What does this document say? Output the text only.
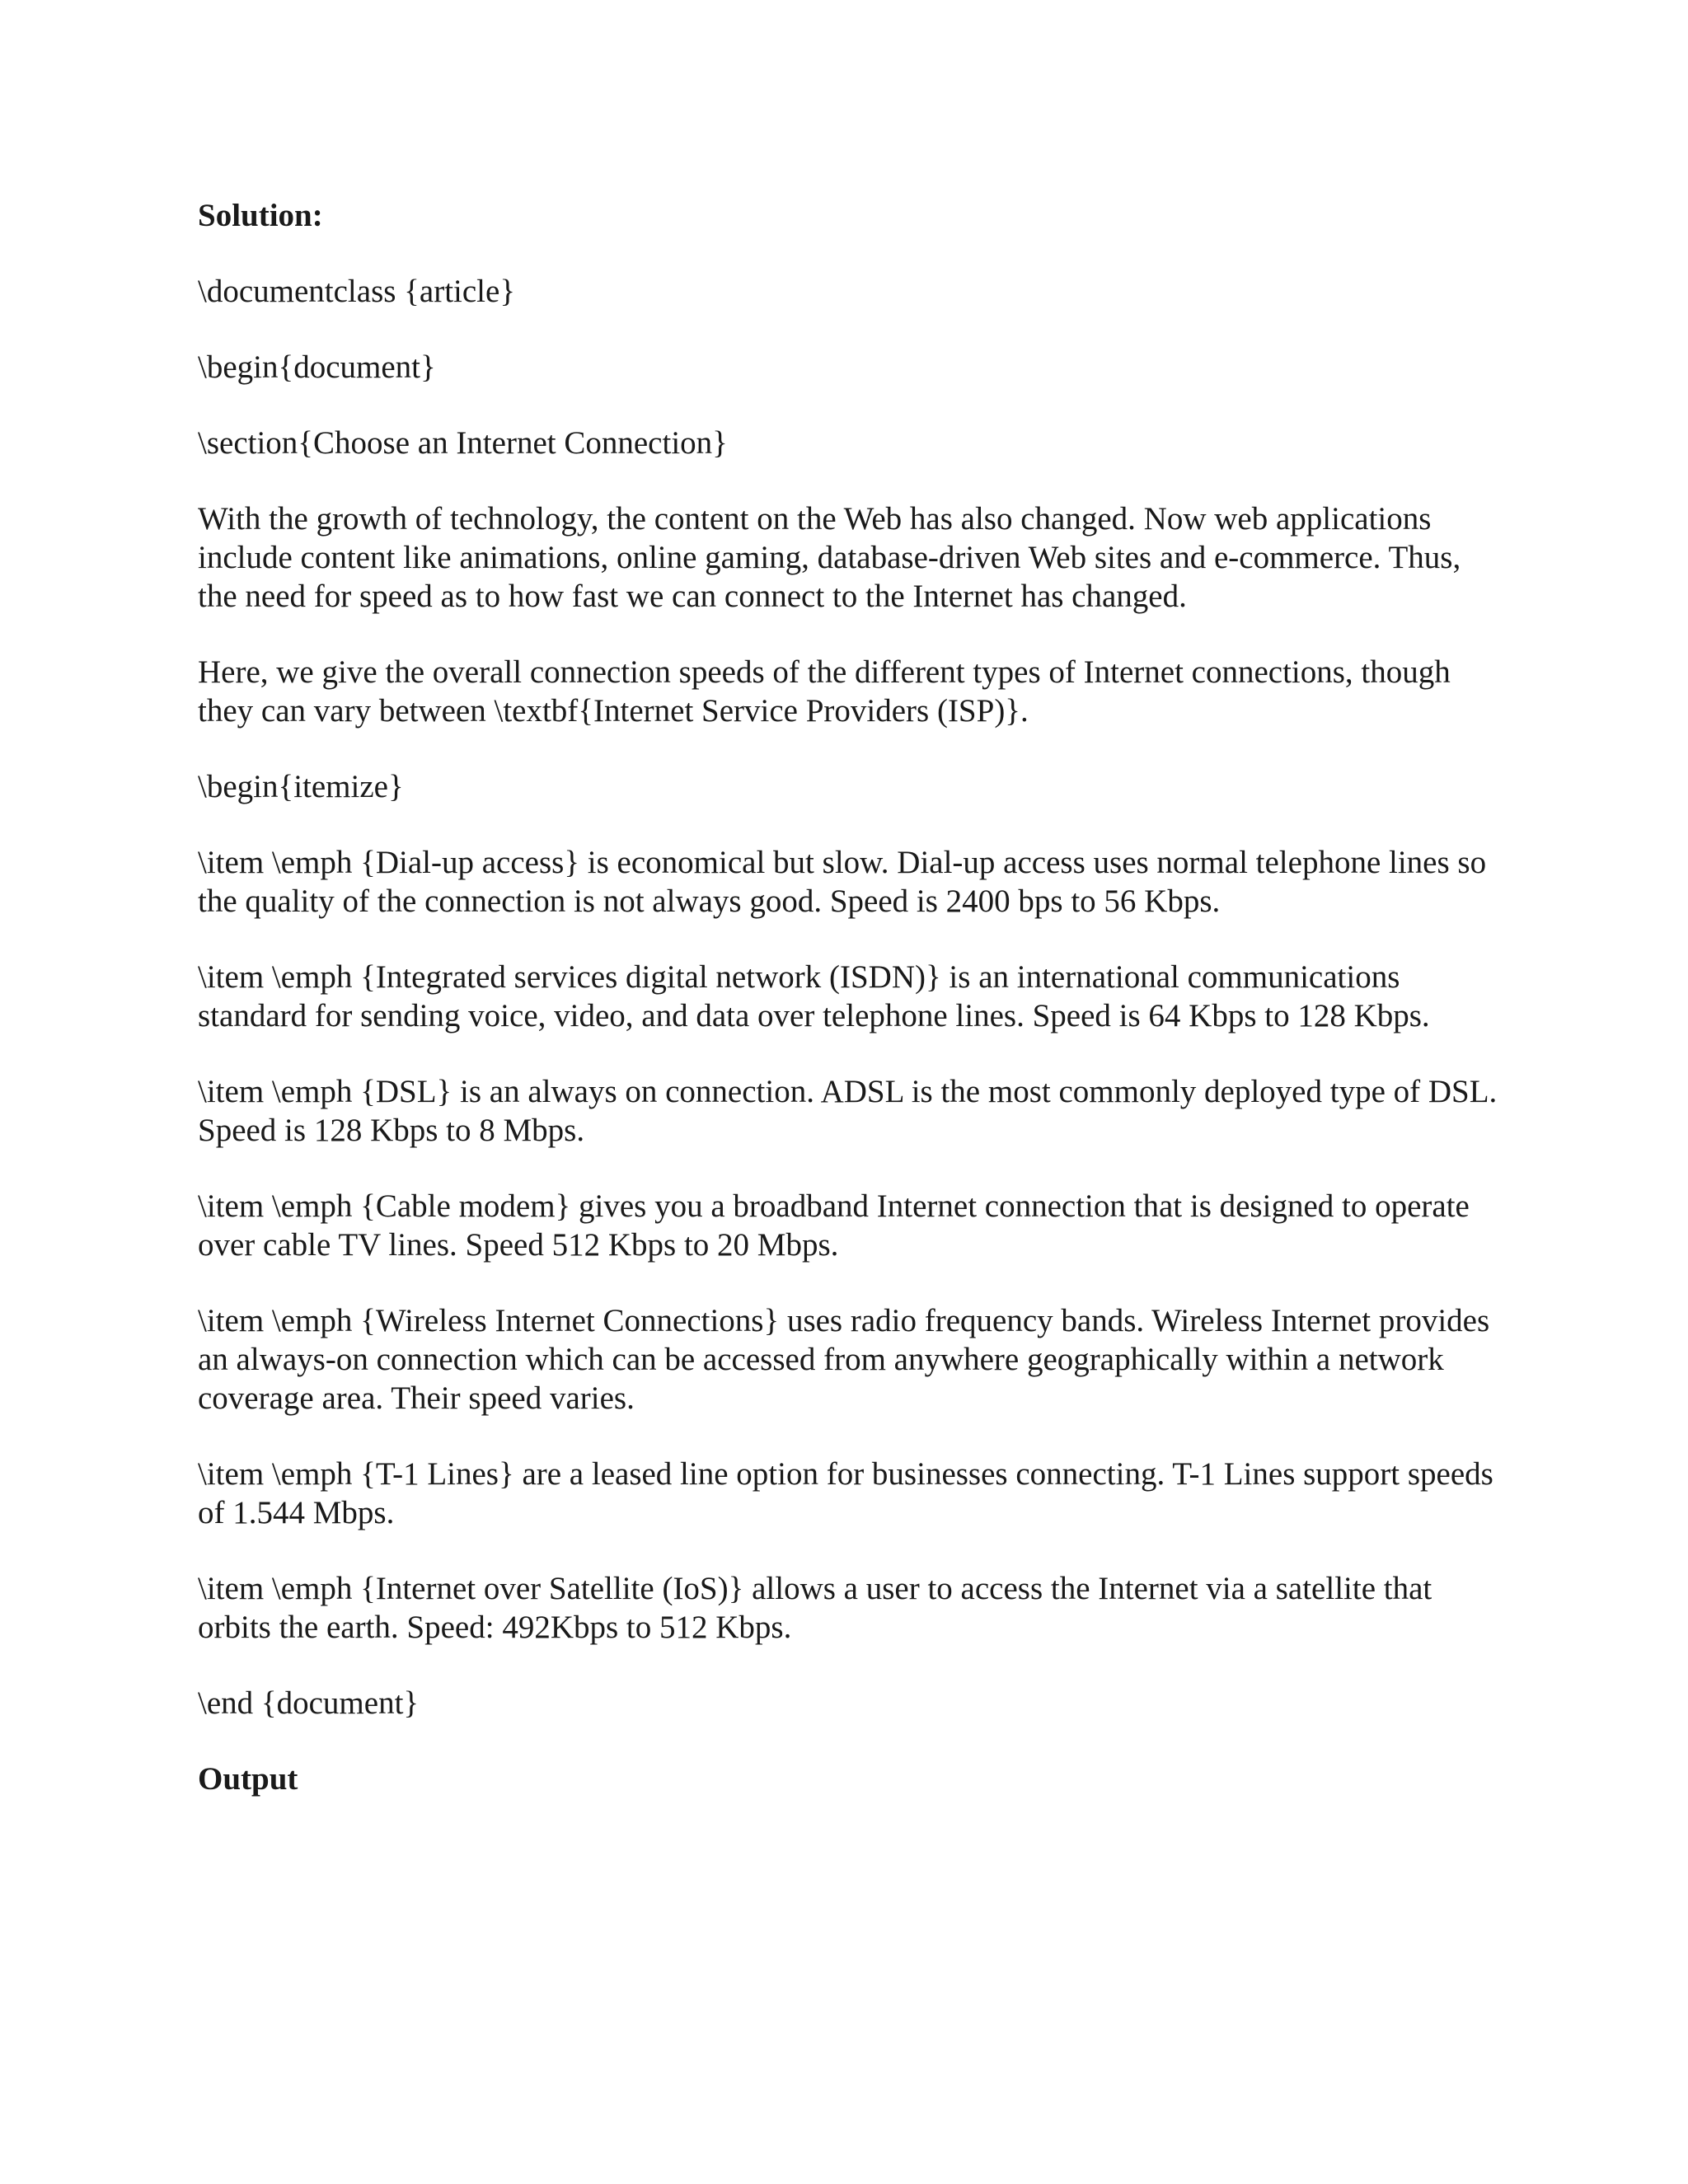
Solution:

\documentclass {article}

\begin{document}

\section{Choose an Internet Connection}

With the growth of technology, the content on the Web has also changed. Now web applications include content like animations, online gaming, database-driven Web sites and e-commerce. Thus, the need for speed as to how fast we can connect to the Internet has changed.

Here, we give the overall connection speeds of the different types of Internet connections, though they can vary between \textbf{Internet Service Providers (ISP)}.

\begin{itemize}

\item \emph {Dial-up access} is economical but slow. Dial-up access uses normal telephone lines so the quality of the connection is not always good. Speed is 2400 bps to 56 Kbps.

\item \emph {Integrated services digital network (ISDN)} is an international communications standard for sending voice, video, and data over telephone lines. Speed is 64 Kbps to 128 Kbps.

\item \emph {DSL} is an always on connection. ADSL is the most commonly deployed type of DSL. Speed is 128 Kbps to 8 Mbps.

\item \emph {Cable modem} gives you a broadband Internet connection that is designed to operate over cable TV lines. Speed 512 Kbps to 20 Mbps.

\item \emph {Wireless Internet Connections} uses radio frequency bands. Wireless Internet provides an always-on connection which can be accessed from anywhere geographically within a network coverage area. Their speed varies.

\item \emph {T-1 Lines} are a leased line option for businesses connecting. T-1 Lines support speeds of 1.544 Mbps.

\item \emph {Internet over Satellite (IoS)} allows a user to access the Internet via a satellite that orbits the earth. Speed: 492Kbps to 512 Kbps.

\end {document}

Output
